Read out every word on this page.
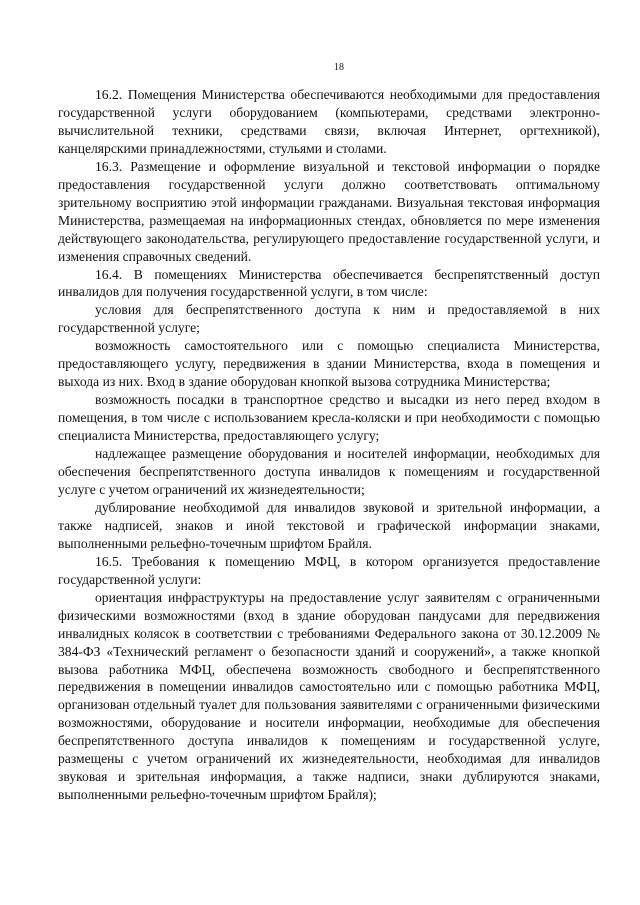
18

16.2. Помещения Министерства обеспечиваются необходимыми для предоставления государственной услуги оборудованием (компьютерами, средствами электронно-вычислительной техники, средствами связи, включая Интернет, оргтехникой), канцелярскими принадлежностями, стульями и столами.

16.3. Размещение и оформление визуальной и текстовой информации о порядке предоставления государственной услуги должно соответствовать оптимальному зрительному восприятию этой информации гражданами. Визуальная текстовая информация Министерства, размещаемая на информационных стендах, обновляется по мере изменения действующего законодательства, регулирующего предоставление государственной услуги, и изменения справочных сведений.

16.4. В помещениях Министерства обеспечивается беспрепятственный доступ инвалидов для получения государственной услуги, в том числе:

условия для беспрепятственного доступа к ним и предоставляемой в них государственной услуге;

возможность самостоятельного или с помощью специалиста Министерства, предоставляющего услугу, передвижения в здании Министерства, входа в помещения и выхода из них. Вход в здание оборудован кнопкой вызова сотрудника Министерства;

возможность посадки в транспортное средство и высадки из него перед входом в помещения, в том числе с использованием кресла-коляски и при необходимости с помощью специалиста Министерства, предоставляющего услугу;

надлежащее размещение оборудования и носителей информации, необходимых для обеспечения беспрепятственного доступа инвалидов к помещениям и государственной услуге с учетом ограничений их жизнедеятельности;

дублирование необходимой для инвалидов звуковой и зрительной информации, а также надписей, знаков и иной текстовой и графической информации знаками, выполненными рельефно-точечным шрифтом Брайля.

16.5. Требования к помещению МФЦ, в котором организуется предоставление государственной услуги:

ориентация инфраструктуры на предоставление услуг заявителям с ограниченными физическими возможностями (вход в здание оборудован пандусами для передвижения инвалидных колясок в соответствии с требованиями Федерального закона от 30.12.2009 № 384-ФЗ «Технический регламент о безопасности зданий и сооружений», а также кнопкой вызова работника МФЦ, обеспечена возможность свободного и беспрепятственного передвижения в помещении инвалидов самостоятельно или с помощью работника МФЦ, организован отдельный туалет для пользования заявителями с ограниченными физическими возможностями, оборудование и носители информации, необходимые для обеспечения беспрепятственного доступа инвалидов к помещениям и государственной услуге, размещены с учетом ограничений их жизнедеятельности, необходимая для инвалидов звуковая и зрительная информация, а также надписи, знаки дублируются знаками, выполненными рельефно-точечным шрифтом Брайля);
